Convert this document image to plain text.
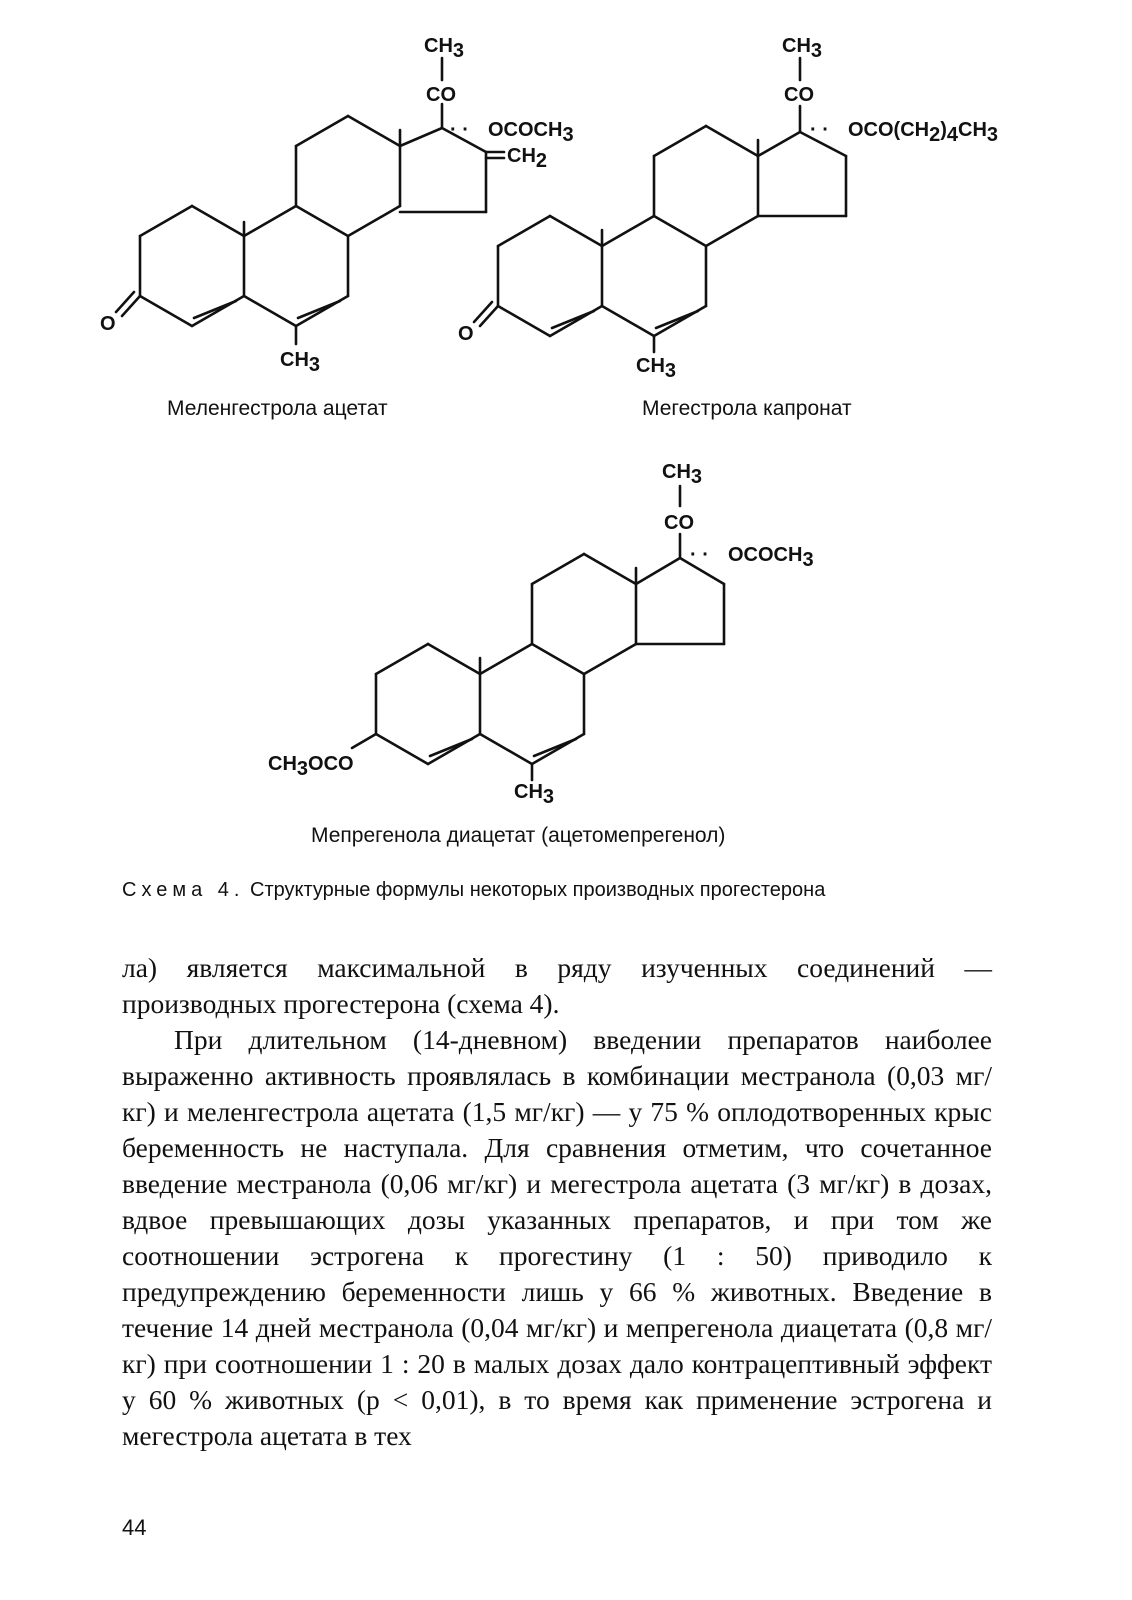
CH3
CO
· · OCOCH3
CH2
O
CH3
Меленгестрола ацетат
CH3
CO
· · OCO(CH2)4CH3
O
CH3
Мегестрола капронат
CH3
CO
· · OCOCH3
CH3OCO
CH3
Мепрегенола диацетат (ацетомепрегенол)
Схема 4. Структурные формулы некоторых производных прогестерона

ла) является максимальной в ряду изученных соединений — производных прогестерона (схема 4).

При длительном (14-дневном) введении препаратов наиболее выраженно активность проявлялась в комбинации местранола (0,03 мг/кг) и меленгестрола ацетата (1,5 мг/кг) — у 75 % оплодотворенных крыс беременность не наступала. Для сравнения отметим, что сочетанное введение местранола (0,06 мг/кг) и мегестрола ацетата (3 мг/кг) в дозах, вдвое превышающих дозы указанных препаратов, и при том же соотношении эстрогена к прогестину (1 : 50) приводило к предупреждению беременности лишь у 66 % животных. Введение в течение 14 дней местранола (0,04 мг/кг) и мепрегенола диацетата (0,8 мг/кг) при соотношении 1 : 20 в малых дозах дало контрацептивный эффект у 60 % животных (p < 0,01), в то время как применение эстрогена и мегестрола ацетата в тех

44
